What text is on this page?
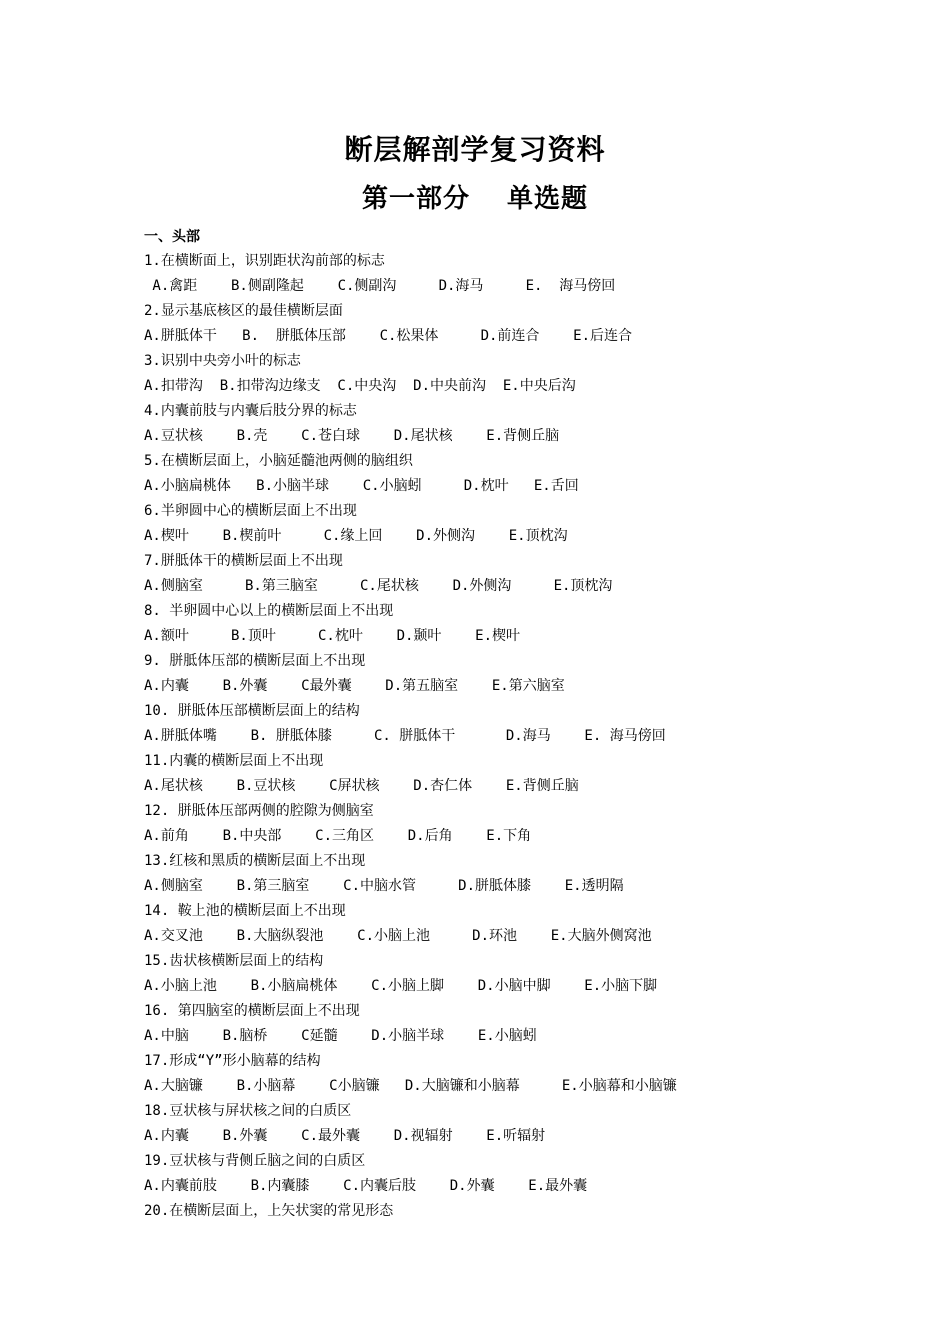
断层解剖学复习资料
第一部分　 单选题
一、头部
1.在横断面上，识别距状沟前部的标志
A.禽距    B.侧副隆起    C.侧副沟     D.海马     E.  海马傍回
2.显示基底核区的最佳横断层面
A.胼胝体干   B.  胼胝体压部    C.松果体     D.前连合    E.后连合
3.识别中央旁小叶的标志
A.扣带沟  B.扣带沟边缘支  C.中央沟  D.中央前沟  E.中央后沟
4.内囊前肢与内囊后肢分界的标志
A.豆状核    B.壳    C.苍白球    D.尾状核    E.背侧丘脑
5.在横断层面上，小脑延髓池两侧的脑组织
A.小脑扁桃体   B.小脑半球    C.小脑蚓     D.枕叶   E.舌回
6.半卵圆中心的横断层面上不出现
A.楔叶    B.楔前叶     C.缘上回    D.外侧沟    E.顶枕沟
7.胼胝体干的横断层面上不出现
A.侧脑室     B.第三脑室     C.尾状核    D.外侧沟     E.顶枕沟
8. 半卵圆中心以上的横断层面上不出现
A.额叶     B.顶叶     C.枕叶    D.颞叶    E.楔叶
9. 胼胝体压部的横断层面上不出现
A.内囊    B.外囊    C最外囊    D.第五脑室    E.第六脑室
10. 胼胝体压部横断层面上的结构
A.胼胝体嘴    B. 胼胝体膝     C. 胼胝体干      D.海马    E. 海马傍回
11.内囊的横断层面上不出现
A.尾状核    B.豆状核    C屏状核    D.杏仁体    E.背侧丘脑
12. 胼胝体压部两侧的腔隙为侧脑室
A.前角    B.中央部    C.三角区    D.后角    E.下角
13.红核和黑质的横断层面上不出现
A.侧脑室    B.第三脑室    C.中脑水管     D.胼胝体膝    E.透明隔
14. 鞍上池的横断层面上不出现
A.交叉池    B.大脑纵裂池    C.小脑上池     D.环池    E.大脑外侧窝池
15.齿状核横断层面上的结构
A.小脑上池    B.小脑扁桃体    C.小脑上脚    D.小脑中脚    E.小脑下脚
16. 第四脑室的横断层面上不出现
A.中脑    B.脑桥    C延髓    D.小脑半球    E.小脑蚓
17.形成“Y”形小脑幕的结构
A.大脑镰    B.小脑幕    C小脑镰   D.大脑镰和小脑幕     E.小脑幕和小脑镰
18.豆状核与屏状核之间的白质区
A.内囊    B.外囊    C.最外囊    D.视辐射    E.听辐射
19.豆状核与背侧丘脑之间的白质区
A.内囊前肢    B.内囊膝    C.内囊后肢    D.外囊    E.最外囊
20.在横断层面上，上矢状窦的常见形态
